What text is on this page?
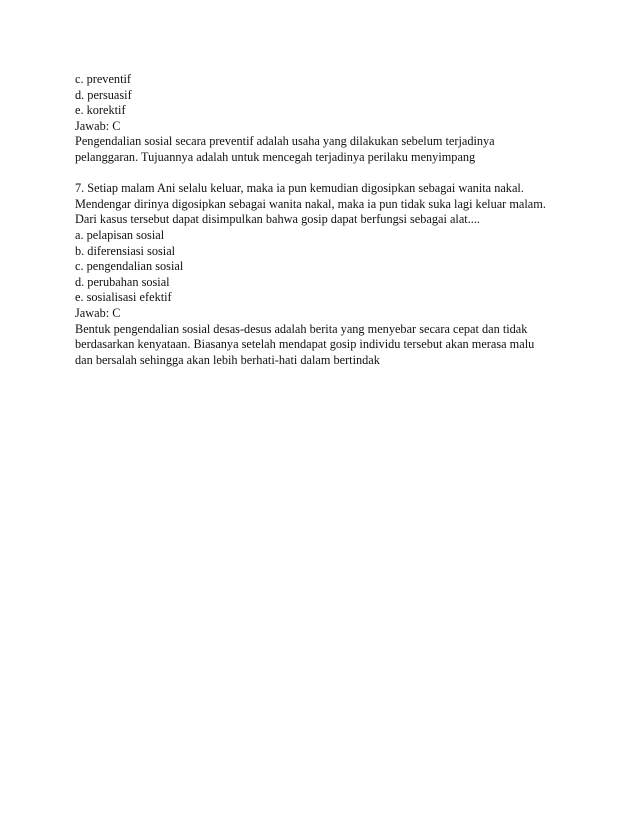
c. preventif
d. persuasif
e. korektif
Jawab: C
Pengendalian sosial secara preventif adalah usaha yang dilakukan sebelum terjadinya
pelanggaran. Tujuannya adalah untuk mencegah terjadinya perilaku menyimpang
7. Setiap malam Ani selalu keluar, maka ia pun kemudian digosipkan sebagai wanita nakal.
Mendengar dirinya digosipkan sebagai wanita nakal, maka ia pun tidak suka lagi keluar malam.
Dari kasus tersebut dapat disimpulkan bahwa gosip dapat berfungsi sebagai alat....
a. pelapisan sosial
b. diferensiasi sosial
c. pengendalian sosial
d. perubahan sosial
e. sosialisasi efektif
Jawab: C
Bentuk pengendalian sosial desas-desus adalah berita yang menyebar secara cepat dan tidak
berdasarkan kenyataan. Biasanya setelah mendapat gosip individu tersebut akan merasa malu
dan bersalah sehingga akan lebih berhati-hati dalam bertindak
